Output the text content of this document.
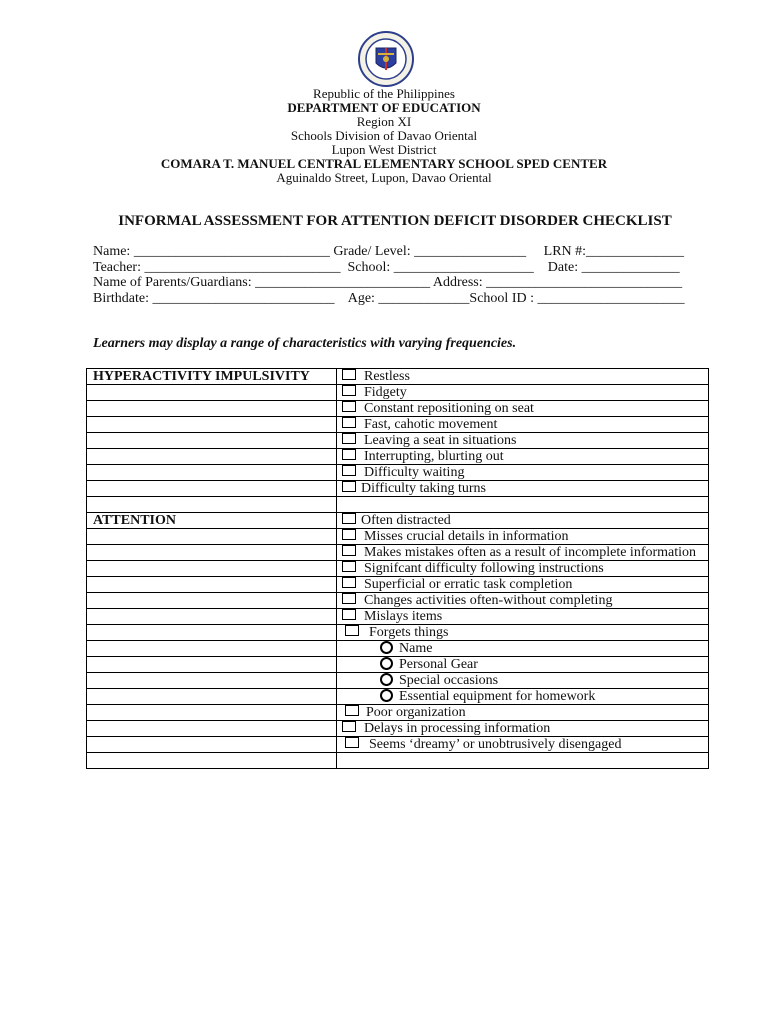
Republic of the Philippines
DEPARTMENT OF EDUCATION
Region XI
Schools Division of Davao Oriental
Lupon West District
COMARA T. MANUEL CENTRAL ELEMENTARY SCHOOL SPED CENTER
Aguinaldo Street, Lupon, Davao Oriental
INFORMAL ASSESSMENT FOR ATTENTION DEFICIT DISORDER CHECKLIST
Name: ____________________________ Grade/ Level: ________________     LRN #:______________
Teacher: ____________________________  School: ____________________    Date: ______________
Name of Parents/Guardians: _________________________ Address: ____________________________
Birthdate: __________________________    Age: _____________School ID : _____________________
Learners may display a range of characteristics with varying frequencies.
HYPERACTIVITY IMPULSIVITY	Restless
	Fidgety
	Constant repositioning on seat
	Fast, cahotic movement
	Leaving a seat in situations
	Interrupting, blurting out
	Difficulty waiting
	Difficulty taking turns

ATTENTION	Often distracted
	Misses crucial details in information
	Makes mistakes often as a result of incomplete information
	Signifcant difficulty following instructions
	Superficial or erratic task completion
	Changes activities often-without completing
	Mislays items
	Forgets things
	Name
	Personal Gear
	Special occasions
	Essential equipment for homework
	Poor organization
	Delays in processing information
	Seems ‘dreamy’ or unobtrusively disengaged
